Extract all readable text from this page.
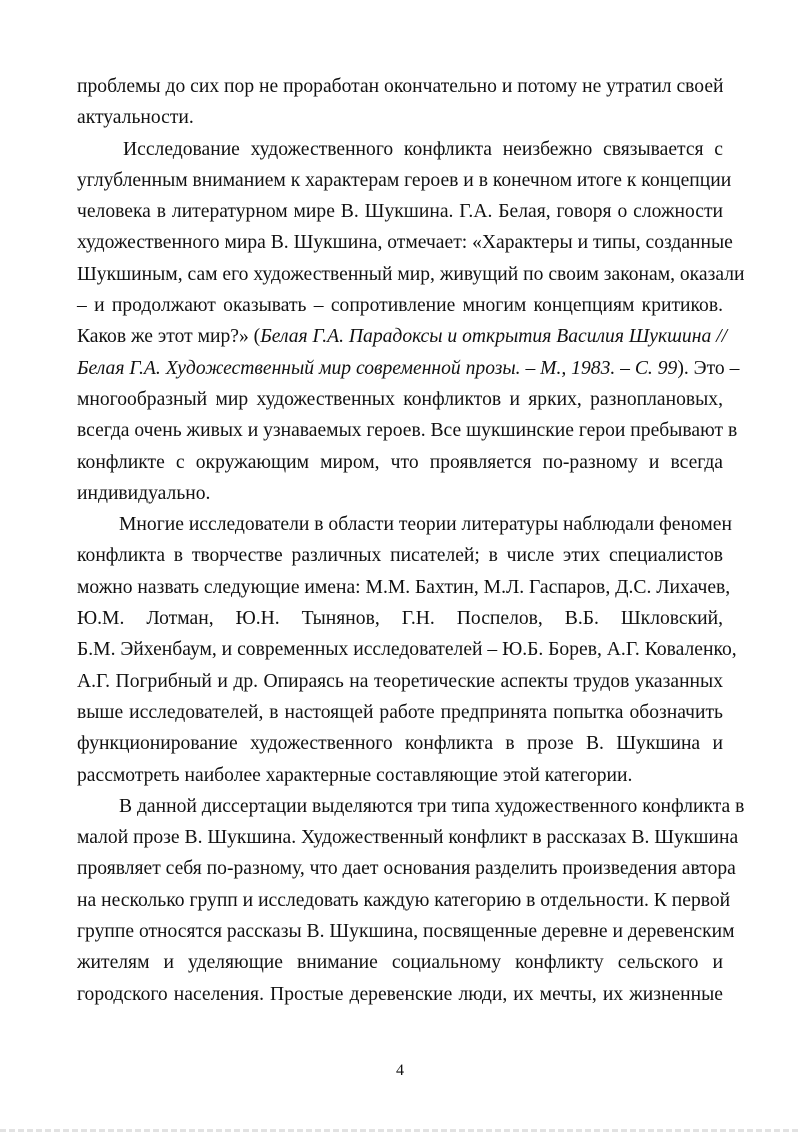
проблемы до сих пор не проработан окончательно и потому не утратил своей
актуальности.
Исследование художественного конфликта неизбежно связывается с
углубленным вниманием к характерам героев и в конечном итоге к концепции
человека в литературном мире В. Шукшина. Г.А. Белая, говоря о сложности
художественного мира В. Шукшина, отмечает: «Характеры и типы, созданные
Шукшиным, сам его художественный мир, живущий по своим законам, оказали
– и продолжают оказывать – сопротивление многим концепциям критиков.
Каков же этот мир?» (Белая Г.А. Парадоксы и открытия Василия Шукшина //
Белая Г.А. Художественный мир современной прозы. – М., 1983. – С. 99). Это –
многообразный мир художественных конфликтов и ярких, разноплановых,
всегда очень живых и узнаваемых героев. Все шукшинские герои пребывают в
конфликте с окружающим миром, что проявляется по-разному и всегда
индивидуально.
Многие исследователи в области теории литературы наблюдали феномен
конфликта в творчестве различных писателей; в числе этих специалистов
можно назвать следующие имена: М.М. Бахтин, М.Л. Гаспаров, Д.С. Лихачев,
Ю.М. Лотман, Ю.Н. Тынянов, Г.Н. Поспелов, В.Б. Шкловский,
Б.М. Эйхенбаум, и современных исследователей – Ю.Б. Борев, А.Г. Коваленко,
А.Г. Погрибный и др. Опираясь на теоретические аспекты трудов указанных
выше исследователей, в настоящей работе предпринята попытка обозначить
функционирование художественного конфликта в прозе В. Шукшина и
рассмотреть наиболее характерные составляющие этой категории.
В данной диссертации выделяются три типа художественного конфликта в
малой прозе В. Шукшина. Художественный конфликт в рассказах В. Шукшина
проявляет себя по-разному, что дает основания разделить произведения автора
на несколько групп и исследовать каждую категорию в отдельности. К первой
группе относятся рассказы В. Шукшина, посвященные деревне и деревенским
жителям и уделяющие внимание социальному конфликту сельского и
городского населения. Простые деревенские люди, их мечты, их жизненные
4
